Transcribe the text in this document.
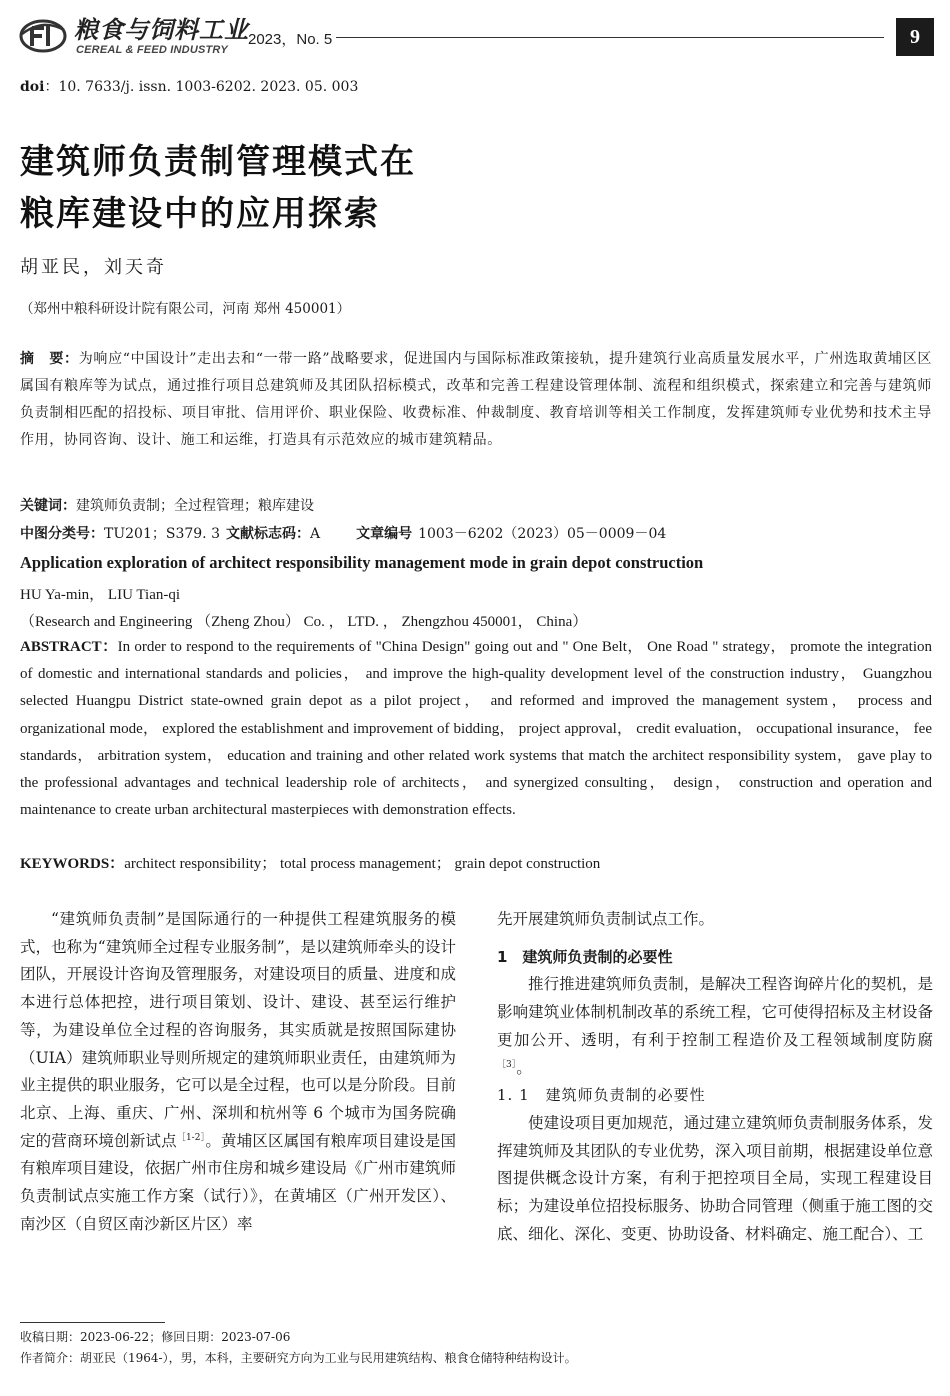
粮食与饲料工业
CEREAL & FEED INDUSTRY
2023，No. 5	9
doi：10. 7633/j. issn. 1003-6202. 2023. 05. 003
建筑师负责制管理模式在
粮库建设中的应用探索
胡亚民，刘天奇
（郑州中粮科研设计院有限公司，河南 郑州 450001）
摘　要：为响应“中国设计”走出去和“一带一路”战略要求，促进国内与国际标准政策接轨，提升建筑行业高质量发展水平，广州选取黄埔区区属国有粮库等为试点，通过推行项目总建筑师及其团队招标模式，改革和完善工程建设管理体制、流程和组织模式，探索建立和完善与建筑师负责制相匹配的招投标、项目审批、信用评价、职业保险、收费标准、仲裁制度、教育培训等相关工作制度，发挥建筑师专业优势和技术主导作用，协同咨询、设计、施工和运维，打造具有示范效应的城市建筑精品。
关键词：建筑师负责制；全过程管理；粮库建设
中图分类号：TU201；S379. 3 文献标志码：A	文章编号 1003－6202（2023）05－0009－04
Application exploration of architect responsibility management mode in grain depot construction
HU Ya-min， LIU Tian-qi
（Research and Engineering （Zheng Zhou） Co. ， LTD. ， Zhengzhou 450001， China）
ABSTRACT：In order to respond to the requirements of "China Design" going out and " One Belt， One Road " strategy， promote the integration of domestic and international standards and policies， and improve the high-quality development level of the construction industry， Guangzhou selected Huangpu District state-owned grain depot as a pilot project， and reformed and improved the management system， process and organizational mode， explored the establishment and improvement of bidding， project approval， credit evaluation， occupational insurance， fee standards， arbitration system， education and training and other related work systems that match the architect responsibility system， gave play to the professional advantages and technical leadership role of architects， and synergized consulting， design， construction and operation and maintenance to create urban architectural masterpieces with demonstration effects.
KEYWORDS：architect responsibility； total process management； grain depot construction

“建筑师负责制”是国际通行的一种提供工程建筑服务的模式，也称为“建筑师全过程专业服务制”，是以建筑师牵头的设计团队，开展设计咨询及管理服务，对建设项目的质量、进度和成本进行总体把控，进行项目策划、设计、建设、甚至运行维护等，为建设单位全过程的咨询服务，其实质就是按照国际建协（UIA）建筑师职业导则所规定的建筑师职业责任，由建筑师为业主提供的职业服务，它可以是全过程，也可以是分阶段。目前北京、上海、重庆、广州、深圳和杭州等 6 个城市为国务院确定的营商环境创新试点$^{[1-2]}$。黄埔区区属国有粮库项目建设是国有粮库项目建设，依据广州市住房和城乡建设局《广州市建筑师负责制试点实施工作方案（试行）》，在黄埔区（广州开发区）、南沙区（自贸区南沙新区片区）率

先开展建筑师负责制试点工作。

1　建筑师负责制的必要性

推行推进建筑师负责制，是解决工程咨询碎片化的契机，是影响建筑业体制机制改革的系统工程，它可使得招标及主材设备更加公开、透明，有利于控制工程造价及工程领域制度防腐$^{[3]}$。

1. 1　建筑师负责制的必要性

使建设项目更加规范，通过建立建筑师负责制服务体系，发挥建筑师及其团队的专业优势，深入项目前期，根据建设单位意图提供概念设计方案，有利于把控项目全局，实现工程建设目标；为建设单位招投标服务、协助合同管理（侧重于施工图的交底、细化、深化、变更、协助设备、材料确定、施工配合）、工

收稿日期：2023-06-22；修回日期：2023-07-06
作者简介：胡亚民（1964-），男，本科，主要研究方向为工业与民用建筑结构、粮食仓储特种结构设计。
